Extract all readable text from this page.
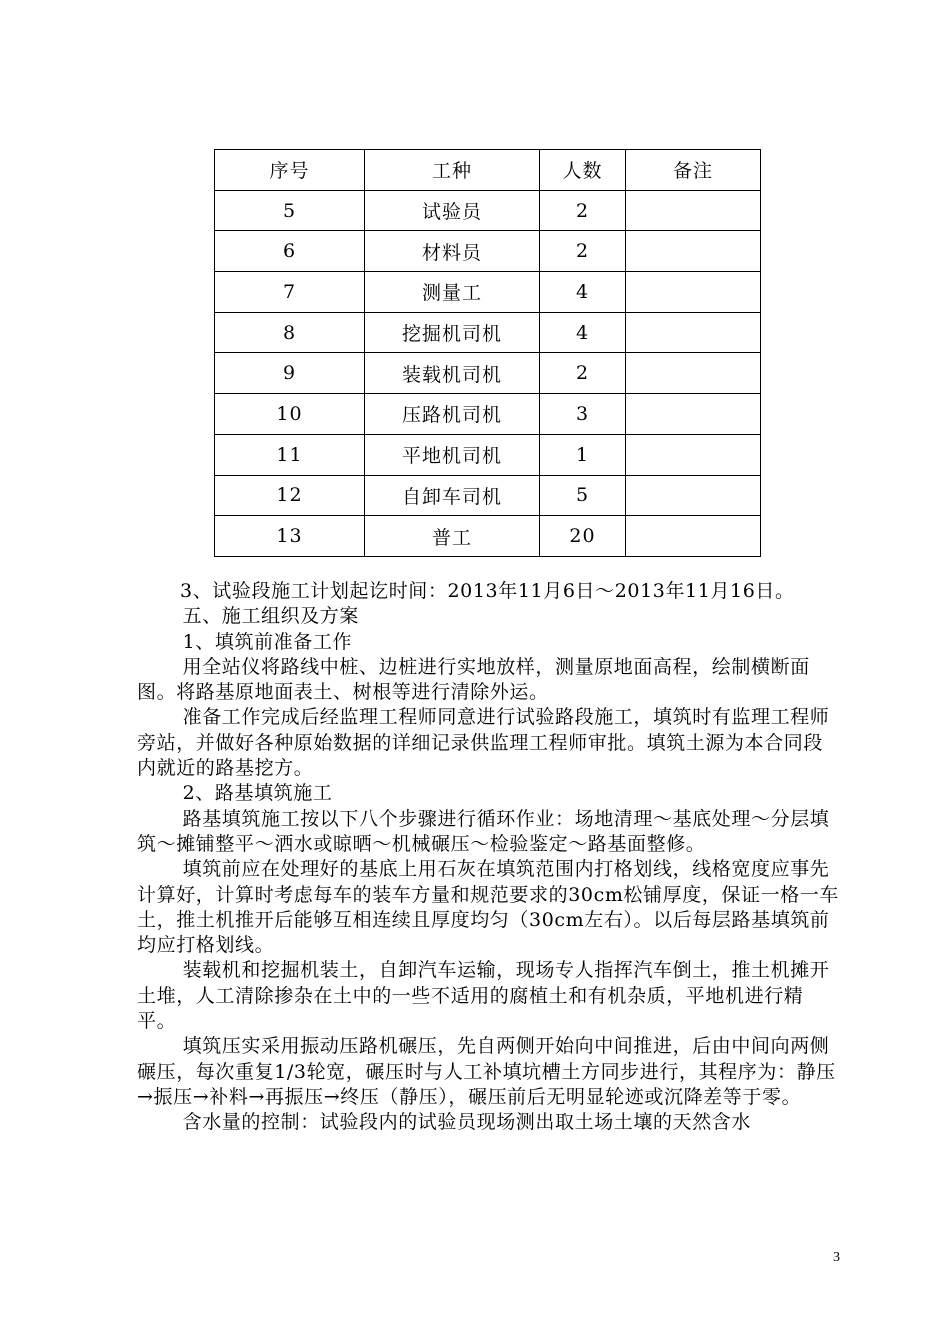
序号	工种	人数	备注
5	试验员	2	
6	材料员	2	
7	测量工	4	
8	挖掘机司机	4	
9	装载机司机	2	
10	压路机司机	3	
11	平地机司机	1	
12	自卸车司机	5	
13	普工	20	

3、试验段施工计划起讫时间：2013年11月6日～2013年11月16日。

五、施工组织及方案

1、填筑前准备工作

用全站仪将路线中桩、边桩进行实地放样，测量原地面高程，绘制横断面图。将路基原地面表土、树根等进行清除外运。

准备工作完成后经监理工程师同意进行试验路段施工，填筑时有监理工程师旁站，并做好各种原始数据的详细记录供监理工程师审批。填筑土源为本合同段内就近的路基挖方。

2、路基填筑施工

路基填筑施工按以下八个步骤进行循环作业：场地清理～基底处理～分层填筑～摊铺整平～洒水或晾晒～机械碾压～检验鉴定～路基面整修。

填筑前应在处理好的基底上用石灰在填筑范围内打格划线，线格宽度应事先计算好，计算时考虑每车的装车方量和规范要求的30cm松铺厚度，保证一格一车土，推土机推开后能够互相连续且厚度均匀（30cm左右）。以后每层路基填筑前均应打格划线。

装载机和挖掘机装土，自卸汽车运输，现场专人指挥汽车倒土，推土机摊开土堆，人工清除掺杂在土中的一些不适用的腐植土和有机杂质，平地机进行精平。

填筑压实采用振动压路机碾压，先自两侧开始向中间推进，后由中间向两侧碾压，每次重复1/3轮宽，碾压时与人工补填坑槽土方同步进行，其程序为：静压→振压→补料→再振压→终压（静压），碾压前后无明显轮迹或沉降差等于零。

含水量的控制：试验段内的试验员现场测出取土场土壤的天然含水

3
